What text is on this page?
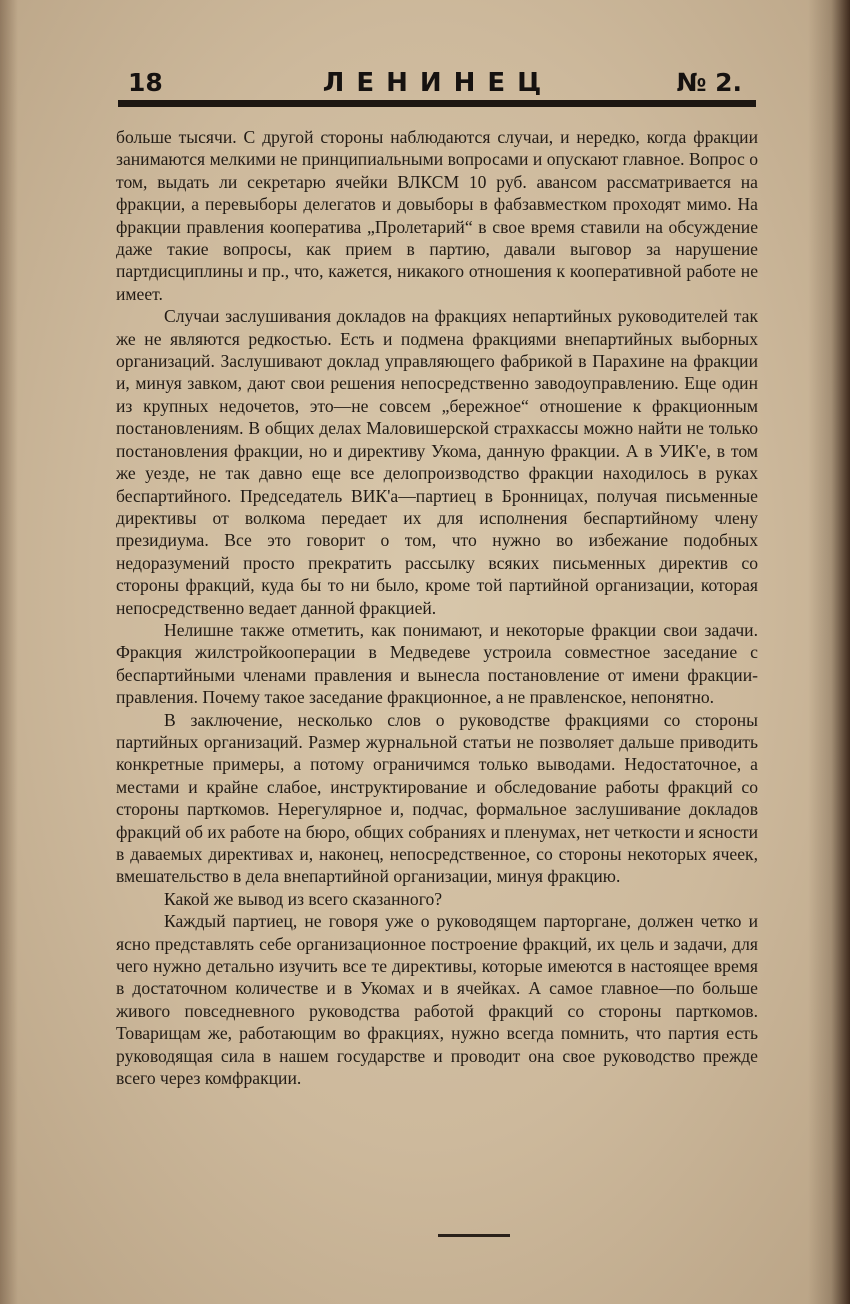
18	ЛЕНИНЕЦ	№ 2.

больше тысячи. С другой стороны наблюдаются случаи, и нередко, когда фракции занимаются мелкими не принципиальными вопросами и опускают главное. Вопрос о том, выдать ли секретарю ячейки ВЛКСМ 10 руб. авансом рассматривается на фракции, а перевыборы делегатов и довыборы в фабзавместком проходят мимо. На фракции правления кооператива „Пролетарий“ в свое время ставили на обсуждение даже такие вопросы, как прием в партию, давали выговор за нарушение партдисциплины и пр., что, кажется, никакого отношения к кооперативной работе не имеет.

Случаи заслушивания докладов на фракциях непартийных руководителей так же не являются редкостью. Есть и подмена фракциями внепартийных выборных организаций. Заслушивают доклад управляющего фабрикой в Парахине на фракции и, минуя завком, дают свои решения непосредственно заводоуправлению. Еще один из крупных недочетов, это—не совсем „бережное“ отношение к фракционным постановлениям. В общих делах Маловишерской страхкассы можно найти не только постановления фракции, но и директиву Укома, данную фракции. А в УИК'е, в том же уезде, не так давно еще все делопроизводство фракции находилось в руках беспартийного. Председатель ВИК'а—партиец в Бронницах, получая письменные директивы от волкома передает их для исполнения беспартийному члену президиума. Все это говорит о том, что нужно во избежание подобных недоразумений просто прекратить рассылку всяких письменных директив со стороны фракций, куда бы то ни было, кроме той партийной организации, которая непосредственно ведает данной фракцией.

Нелишне также отметить, как понимают, и некоторые фракции свои задачи. Фракция жилстройкооперации в Медведеве устроила совместное заседание с беспартийными членами правления и вынесла постановление от имени фракции-правления. Почему такое заседание фракционное, а не правленское, непонятно.

В заключение, несколько слов о руководстве фракциями со стороны партийных организаций. Размер журнальной статьи не позволяет дальше приводить конкретные примеры, а потому ограничимся только выводами. Недостаточное, а местами и крайне слабое, инструктирование и обследование работы фракций со стороны парткомов. Нерегулярное и, подчас, формальное заслушивание докладов фракций об их работе на бюро, общих собраниях и пленумах, нет четкости и ясности в даваемых директивах и, наконец, непосредственное, со стороны некоторых ячеек, вмешательство в дела внепартийной организации, минуя фракцию.

Какой же вывод из всего сказанного?

Каждый партиец, не говоря уже о руководящем парторгане, должен четко и ясно представлять себе организационное построение фракций, их цель и задачи, для чего нужно детально изучить все те директивы, которые имеются в настоящее время в достаточном количестве и в Укомах и в ячейках. А самое главное—по больше живого повседневного руководства работой фракций со стороны парткомов. Товарищам же, работающим во фракциях, нужно всегда помнить, что партия есть руководящая сила в нашем государстве и проводит она свое руководство прежде всего через комфракции.
